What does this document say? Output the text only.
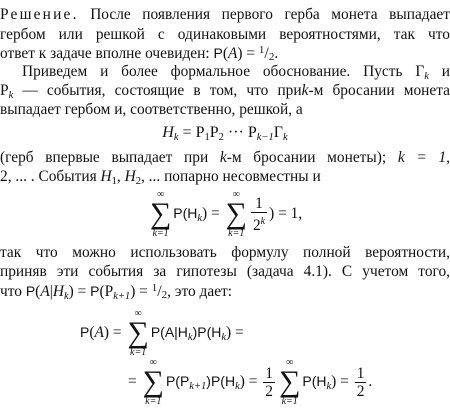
Решение. После появления первого герба монета выпадает
гербом или решкой с одинаковыми вероятностями, так что
ответ к задаче вполне очевиден: P(A) = $^1$/2.
Приведем и более формальное обоснование. Пусть $\Gamma_k$ и
$Р_k$ — события, состоящие в том, что приk-м бросании монета
выпадает гербом и, соответственно, решкой, а
$H_k = Р_1Р_2$ ··· $Р_{k-1}\Gamma_k$
(герб впервые выпадает при k-м бросании монеты); k = 1,
2, ... . События $H_1$, $H_2$, ... попарно несовместны и
∞
∑
k=1
$P(H_k)$ =
∞
∑
$k=1 \frac{1}{2^k}$ ) = 1,
так что можно использовать формулу полной вероятности,
приняв эти события за гипотезы (задача 4.1). С учетом того,
что $P(A|H_k) = P(Р_{k+1}) = ^1/2$, это дает:
P(A) =
∞
∑
k=1
$P(A|H_k)P(H_k)$ =
=
∞
∑
k=1
$P(Р_{k+1})P(H_k) = \frac{1}{2}$
∞
∑
k=1
$P(H_k) = \frac{1}{2}$ .
